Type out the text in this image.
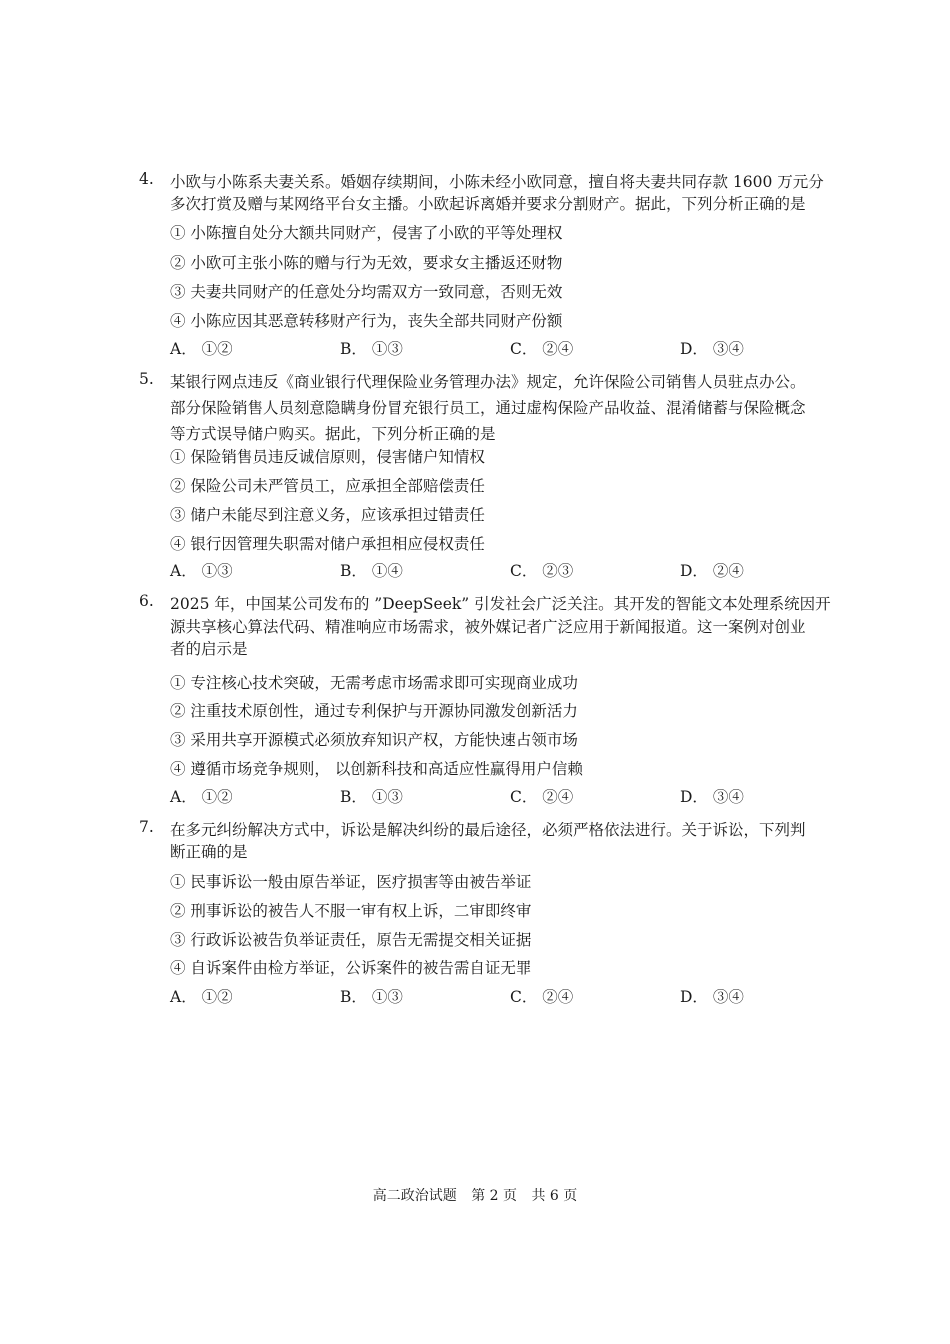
4. 小欧与小陈系夫妻关系。婚姻存续期间，小陈未经小欧同意，擅自将夫妻共同存款 1600 万元分
多次打赏及赠与某网络平台女主播。小欧起诉离婚并要求分割财产。据此，下列分析正确的是
① 小陈擅自处分大额共同财产，侵害了小欧的平等处理权
② 小欧可主张小陈的赠与行为无效，要求女主播返还财物
③ 夫妻共同财产的任意处分均需双方一致同意，否则无效
④ 小陈应因其恶意转移财产行为，丧失全部共同财产份额
A． ①②	B． ①③	C． ②④	D． ③④
5. 某银行网点违反《商业银行代理保险业务管理办法》规定，允许保险公司销售人员驻点办公。
部分保险销售人员刻意隐瞒身份冒充银行员工，通过虚构保险产品收益、混淆储蓄与保险概念
等方式误导储户购买。据此，下列分析正确的是
① 保险销售员违反诚信原则，侵害储户知情权
② 保险公司未严管员工，应承担全部赔偿责任
③ 储户未能尽到注意义务，应该承担过错责任
④ 银行因管理失职需对储户承担相应侵权责任
A． ①③	B． ①④	C． ②③	D． ②④
6. 2025 年，中国某公司发布的 ”DeepSeek” 引发社会广泛关注。其开发的智能文本处理系统因开
源共享核心算法代码、精准响应市场需求，被外媒记者广泛应用于新闻报道。这一案例对创业
者的启示是
① 专注核心技术突破，无需考虑市场需求即可实现商业成功
② 注重技术原创性，通过专利保护与开源协同激发创新活力
③ 采用共享开源模式必须放弃知识产权，方能快速占领市场
④ 遵循市场竞争规则， 以创新科技和高适应性赢得用户信赖
A． ①②	B． ①③	C． ②④	D． ③④
7. 在多元纠纷解决方式中，诉讼是解决纠纷的最后途径，必须严格依法进行。关于诉讼，下列判
断正确的是
① 民事诉讼一般由原告举证，医疗损害等由被告举证
② 刑事诉讼的被告人不服一审有权上诉，二审即终审
③ 行政诉讼被告负举证责任，原告无需提交相关证据
④ 自诉案件由检方举证，公诉案件的被告需自证无罪
A． ①②	B． ①③	C． ②④	D． ③④
高二政治试题 第 2 页 共 6 页
